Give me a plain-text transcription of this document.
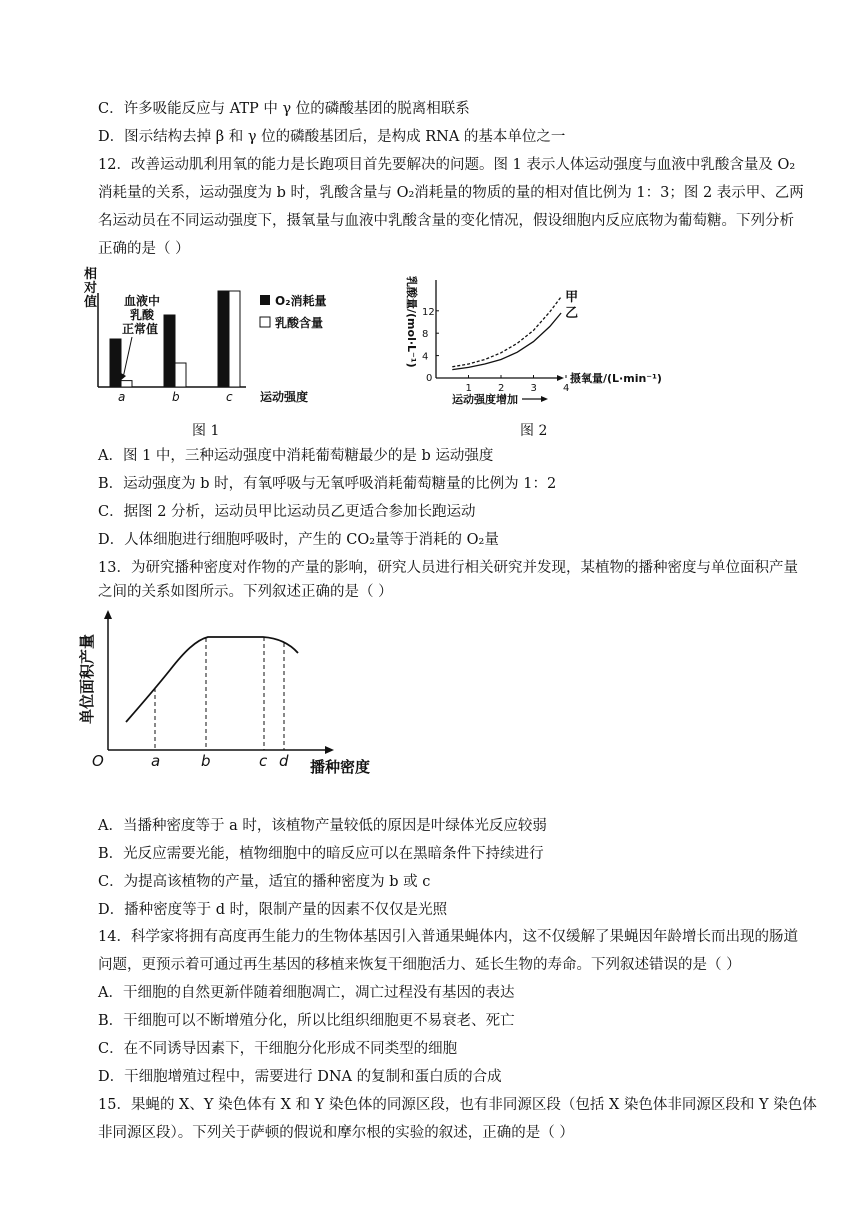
C．许多吸能反应与 ATP 中 γ 位的磷酸基团的脱离相联系
D．图示结构去掉 β 和 γ 位的磷酸基团后，是构成 RNA 的基本单位之一
12．改善运动肌利用氧的能力是长跑项目首先要解决的问题。图 1 表示人体运动强度与血液中乳酸含量及 O₂
消耗量的关系，运动强度为 b 时，乳酸含量与 O₂消耗量的物质的量的相对值比例为 1：3；图 2 表示甲、乙两
名运动员在不同运动强度下，摄氧量与血液中乳酸含量的变化情况，假设细胞内反应底物为葡萄糖。下列分析
正确的是（ ）
相
对
值 血液中
乳酸
正常值
a	b	c 运动强度
O₂消耗量
乳酸含量
图 1
乳酸量/(mol·L⁻¹)
1	2	3	4
4
8
12
甲
乙
0	摄氧量/(L·min⁻¹)
运动强度增加
图 2
A．图 1 中，三种运动强度中消耗葡萄糖最少的是 b 运动强度
B．运动强度为 b 时，有氧呼吸与无氧呼吸消耗葡萄糖量的比例为 1：2
C．据图 2 分析，运动员甲比运动员乙更适合参加长跑运动
D．人体细胞进行细胞呼吸时，产生的 CO₂量等于消耗的 O₂量
13．为研究播种密度对作物的产量的影响，研究人员进行相关研究并发现，某植物的播种密度与单位面积产量
之间的关系如图所示。下列叙述正确的是（ ）
单位面积产量
O	a	b	c d 播种密度
A．当播种密度等于 a 时，该植物产量较低的原因是叶绿体光反应较弱
B．光反应需要光能，植物细胞中的暗反应可以在黑暗条件下持续进行
C．为提高该植物的产量，适宜的播种密度为 b 或 c
D．播种密度等于 d 时，限制产量的因素不仅仅是光照
14．科学家将拥有高度再生能力的生物体基因引入普通果蝇体内，这不仅缓解了果蝇因年龄增长而出现的肠道
问题，更预示着可通过再生基因的移植来恢复干细胞活力、延长生物的寿命。下列叙述错误的是（ ）
A．干细胞的自然更新伴随着细胞凋亡，凋亡过程没有基因的表达
B．干细胞可以不断增殖分化，所以比组织细胞更不易衰老、死亡
C．在不同诱导因素下，干细胞分化形成不同类型的细胞
D．干细胞增殖过程中，需要进行 DNA 的复制和蛋白质的合成
15．果蝇的 X、Y 染色体有 X 和 Y 染色体的同源区段，也有非同源区段（包括 X 染色体非同源区段和 Y 染色体
非同源区段）。下列关于萨顿的假说和摩尔根的实验的叙述，正确的是（ ）
